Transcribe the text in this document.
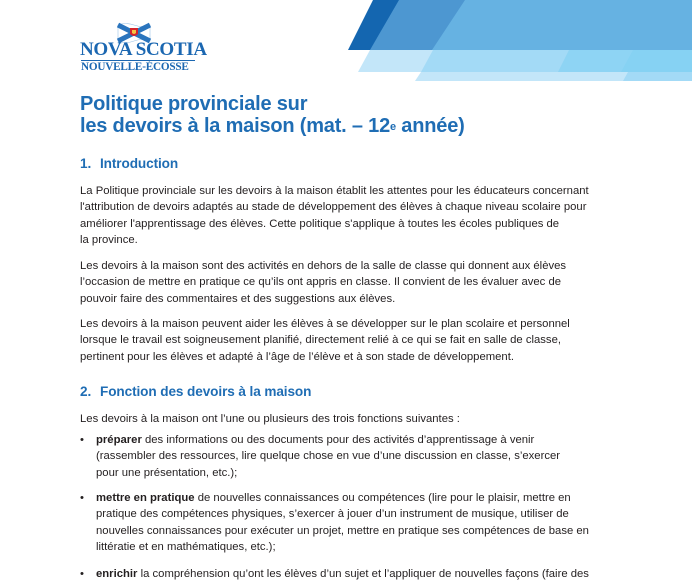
NOVA SCOTIA
NOUVELLE-ÉCOSSE
Politique provinciale sur
les devoirs à la maison (mat. – 12e année)
1. Introduction
La Politique provinciale sur les devoirs à la maison établit les attentes pour les éducateurs concernant
l'attribution de devoirs adaptés au stade de développement des élèves à chaque niveau scolaire pour
améliorer l'apprentissage des élèves. Cette politique s'applique à toutes les écoles publiques de
la province.
Les devoirs à la maison sont des activités en dehors de la salle de classe qui donnent aux élèves
l’occasion de mettre en pratique ce qu’ils ont appris en classe. Il convient de les évaluer avec de
pouvoir faire des commentaires et des suggestions aux élèves.
Les devoirs à la maison peuvent aider les élèves à se développer sur le plan scolaire et personnel
lorsque le travail est soigneusement planifié, directement relié à ce qui se fait en salle de classe,
pertinent pour les élèves et adapté à l’âge de l’élève et à son stade de développement.
2. Fonction des devoirs à la maison
Les devoirs à la maison ont l’une ou plusieurs des trois fonctions suivantes :
• préparer des informations ou des documents pour des activités d’apprentissage à venir
(rassembler des ressources, lire quelque chose en vue d’une discussion en classe, s’exercer
pour une présentation, etc.);
• mettre en pratique de nouvelles connaissances ou compétences (lire pour le plaisir, mettre en
pratique des compétences physiques, s’exercer à jouer d’un instrument de musique, utiliser de
nouvelles connaissances pour exécuter un projet, mettre en pratique ses compétences de base en
littératie et en mathématiques, etc.);
• enrichir la compréhension qu’ont les élèves d’un sujet et l’appliquer de nouvelles façons (faire des
